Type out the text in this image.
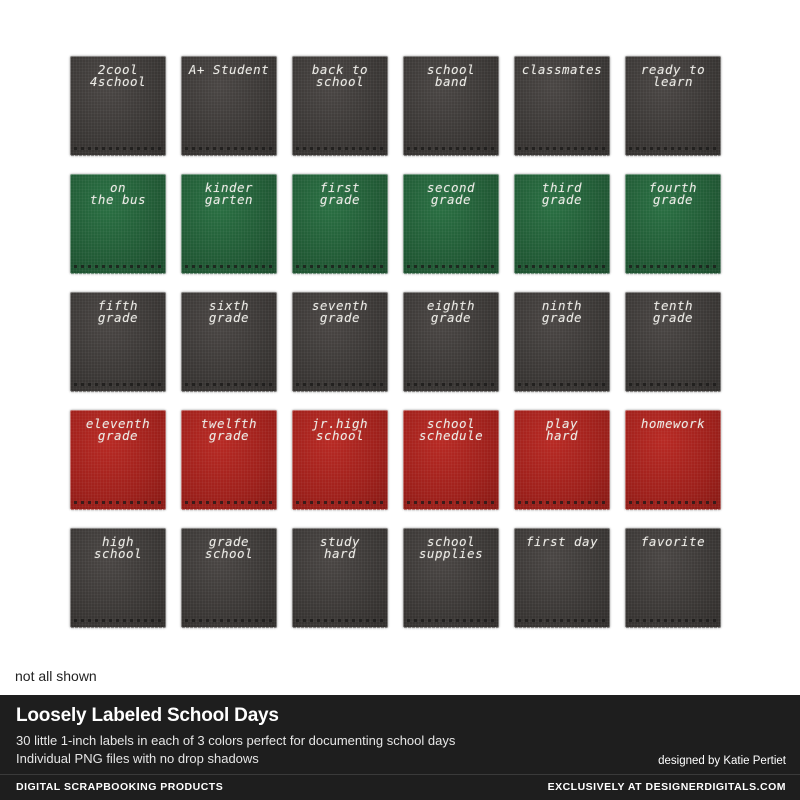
2cool
4school
A+ Student	back to
school
school
band
classmates	ready to
learn
on
the bus
kinder
garten
first
grade
second
grade
third
grade
fourth
grade
fifth
grade
sixth
grade
seventh
grade
eighth
grade
ninth
grade
tenth
grade
eleventh
grade
twelfth
grade
jr.high
school
school
schedule
play
hard
homework
high
school
grade
school
study
hard
school
supplies
first day	favorite

not all shown

Loosely Labeled School Days

30 little 1-inch labels in each of 3 colors perfect for documenting school days

Individual PNG files with no drop shadows	designed by Katie Pertiet

DIGITAL SCRAPBOOKING PRODUCTS	EXCLUSIVELY AT DESIGNERDIGITALS.COM
